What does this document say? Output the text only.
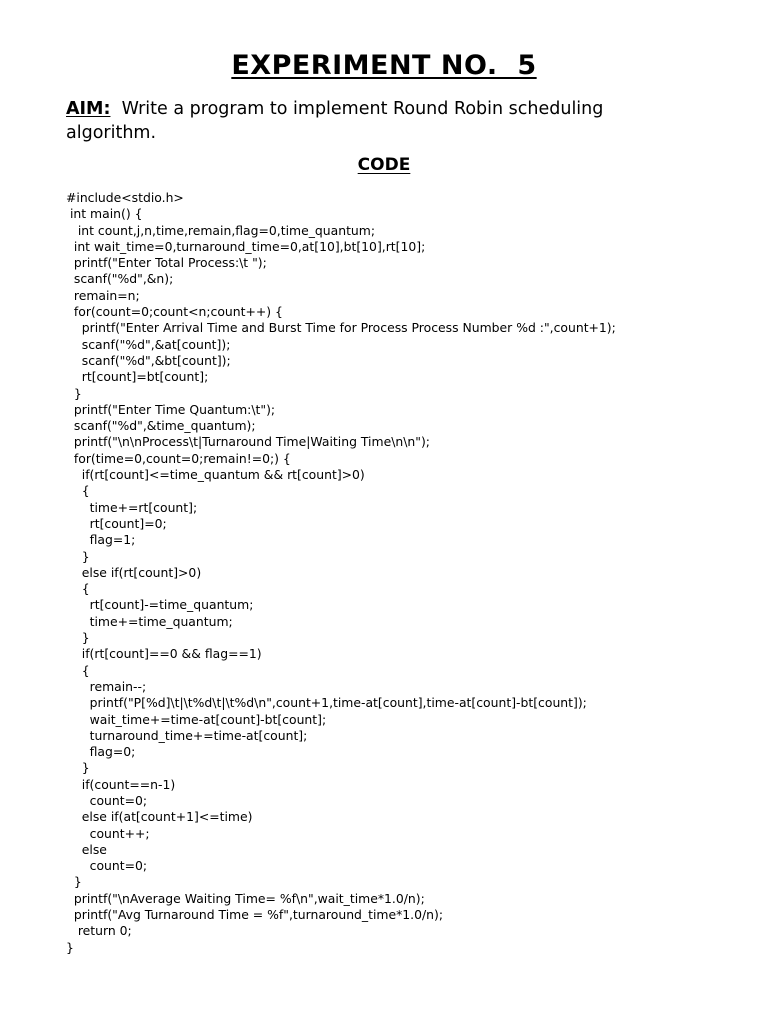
EXPERIMENT NO.  5

AIM:  Write a program to implement Round Robin scheduling algorithm.

CODE
#include<stdio.h>
int main() {
int count,j,n,time,remain,flag=0,time_quantum;
int wait_time=0,turnaround_time=0,at[10],bt[10],rt[10];
printf("Enter Total Process:\t ");
scanf("%d",&n);
remain=n;
for(count=0;count<n;count++) {
printf("Enter Arrival Time and Burst Time for Process Process Number %d :",count+1);
scanf("%d",&at[count]);
scanf("%d",&bt[count]);
rt[count]=bt[count];
}
printf("Enter Time Quantum:\t");
scanf("%d",&time_quantum);
printf("\n\nProcess\t|Turnaround Time|Waiting Time\n\n");
for(time=0,count=0;remain!=0;) {
if(rt[count]<=time_quantum && rt[count]>0)
{
time+=rt[count];
rt[count]=0;
flag=1;
}
else if(rt[count]>0)
{
rt[count]-=time_quantum;
time+=time_quantum;
}
if(rt[count]==0 && flag==1)
{
remain--;
printf("P[%d]\t|\t%d\t|\t%d\n",count+1,time-at[count],time-at[count]-bt[count]);
wait_time+=time-at[count]-bt[count];
turnaround_time+=time-at[count];
flag=0;
}
if(count==n-1)
count=0;
else if(at[count+1]<=time)
count++;
else
count=0;
}
printf("\nAverage Waiting Time= %f\n",wait_time*1.0/n);
printf("Avg Turnaround Time = %f",turnaround_time*1.0/n);
return 0;
}
